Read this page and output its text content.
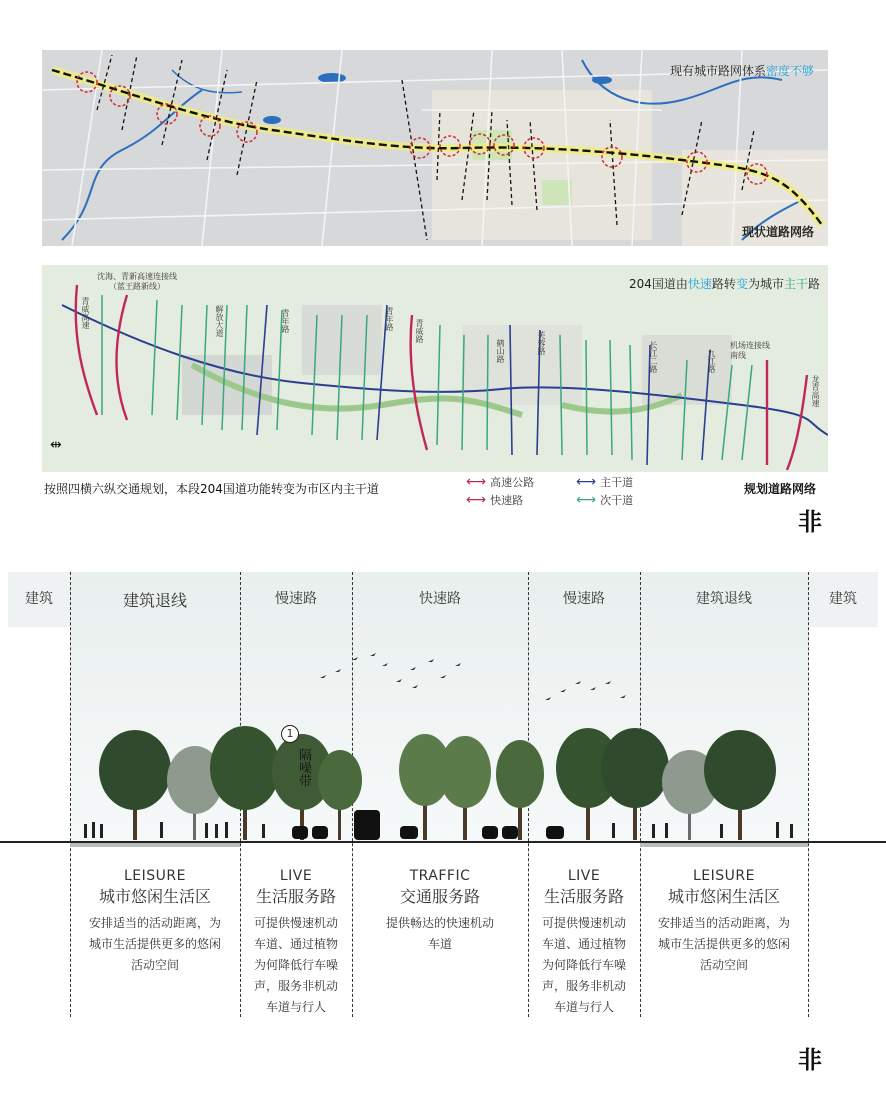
现有城市路网体系密度不够
现状道路网络
204国道由快速路转变为城市主干路
沈海、青新高速连接线
（蓝王路新线）
青威高速	解放大道	青年路	青年路	青威路
鹤山路	芙蓉路	长江二路	九江路
机场连接线南线
龙青高速
⇹
按照四横六纵交通规划，本段204国道功能转变为市区内主干道	⟷ 高速公路	⟷ 主干道
⟷ 快速路	⟷ 次干道
规划道路网络
非
建筑	建筑退线	慢速路	快速路	慢速路	建筑退线	建筑
1
隔噪带
LEISURE
城市悠闲生活区
安排适当的活动距离，为
城市生活提供更多的悠闲
活动空间
LIVE
生活服务路
可提供慢速机动
车道、通过植物
为何降低行车噪
声，服务非机动
车道与行人
TRAFFIC
交通服务路
提供畅达的快速机动
车道
LIVE
生活服务路
可提供慢速机动
车道、通过植物
为何降低行车噪
声，服务非机动
车道与行人
LEISURE
城市悠闲生活区
安排适当的活动距离，为
城市生活提供更多的悠闲
活动空间
非
